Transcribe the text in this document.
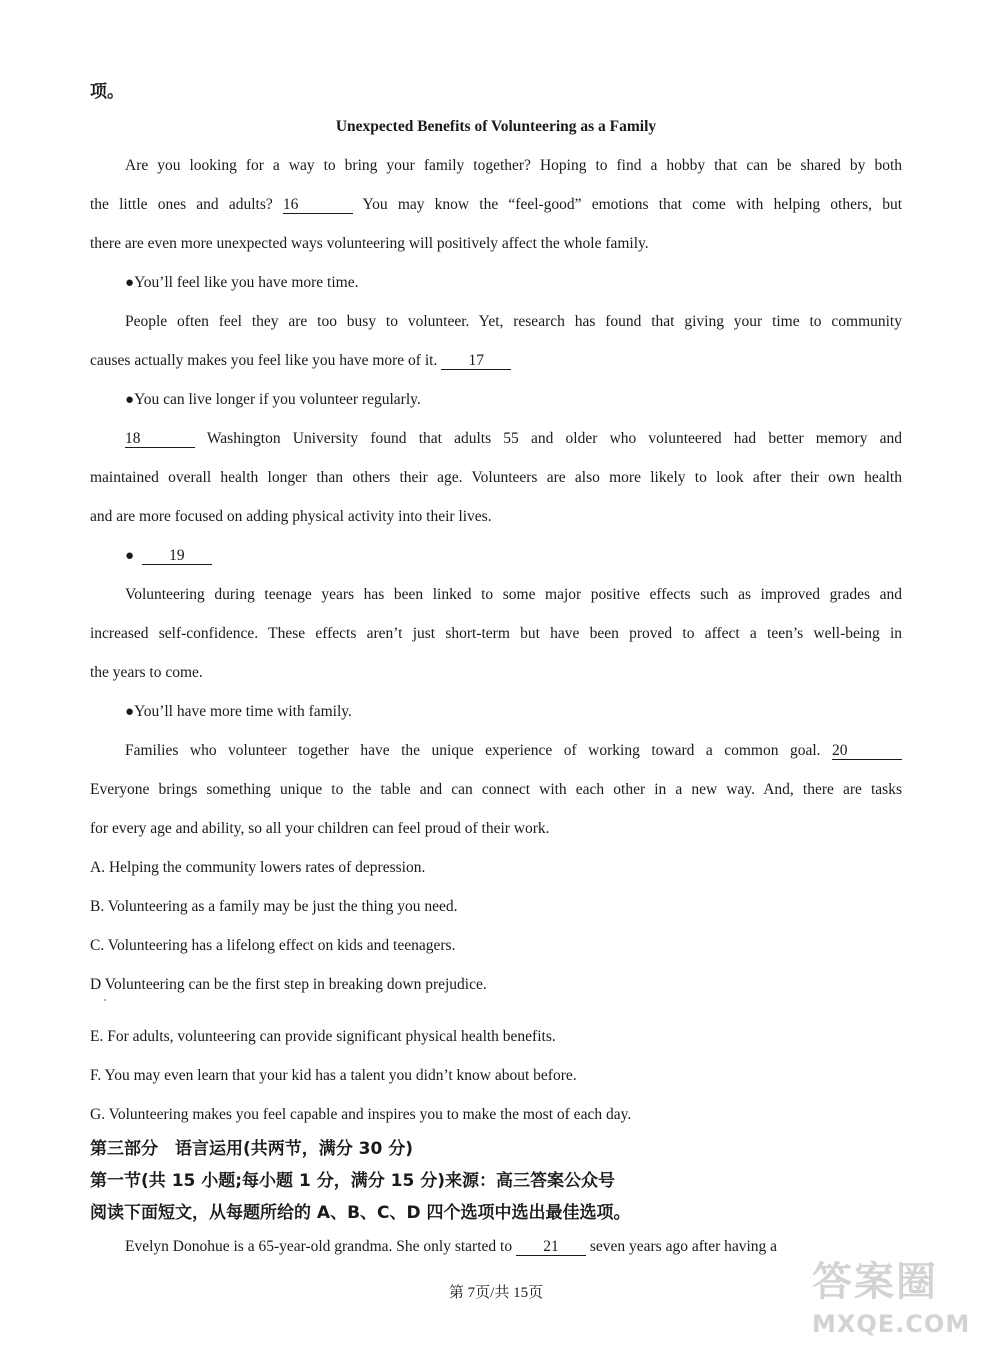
项。
Unexpected Benefits of Volunteering as a Family
Are you looking for a way to bring your family together? Hoping to find a hobby that can be shared by both
the little ones and adults? 16	You may know the “feel-good” emotions that come with helping others, but
there are even more unexpected ways volunteering will positively affect the whole family.
●You’ll feel like you have more time.
People often feel they are too busy to volunteer. Yet, research has found that giving your time to community
causes actually makes you feel like you have more of it. 17
●You can live longer if you volunteer regularly.
18	Washington University found that adults 55 and older who volunteered had better memory and
maintained overall health longer than others their age. Volunteers are also more likely to look after their own health
and are more focused on adding physical activity into their lives.
● 19
Volunteering during teenage years has been linked to some major positive effects such as improved grades and
increased self-confidence. These effects aren’t just short-term but have been proved to affect a teen’s well-being in
the years to come.
●You’ll have more time with family.
Families who volunteer together have the unique experience of working toward a common goal. 20
Everyone brings something unique to the table and can connect with each other in a new way. And, there are tasks
for every age and ability, so all your children can feel proud of their work.
A. Helping the community lowers rates of depression.
B. Volunteering as a family may be just the thing you need.
C. Volunteering has a lifelong effect on kids and teenagers.
D Volunteering can be the first step in breaking down prejudice.
E. For adults, volunteering can provide significant physical health benefits.
F. You may even learn that your kid has a talent you didn’t know about before.
G. Volunteering makes you feel capable and inspires you to make the most of each day.
第三部分　语言运用(共两节，满分 30 分)
第一节(共 15 小题;每小题 1 分，满分 15 分)来源：高三答案公众号
阅读下面短文，从每题所给的 A、B、C、D 四个选项中选出最佳选项。
Evelyn Donohue is a 65-year-old grandma. She only started to 21 seven years ago after having a
第 7页/共 15页	答案圈
MXQE.COM
